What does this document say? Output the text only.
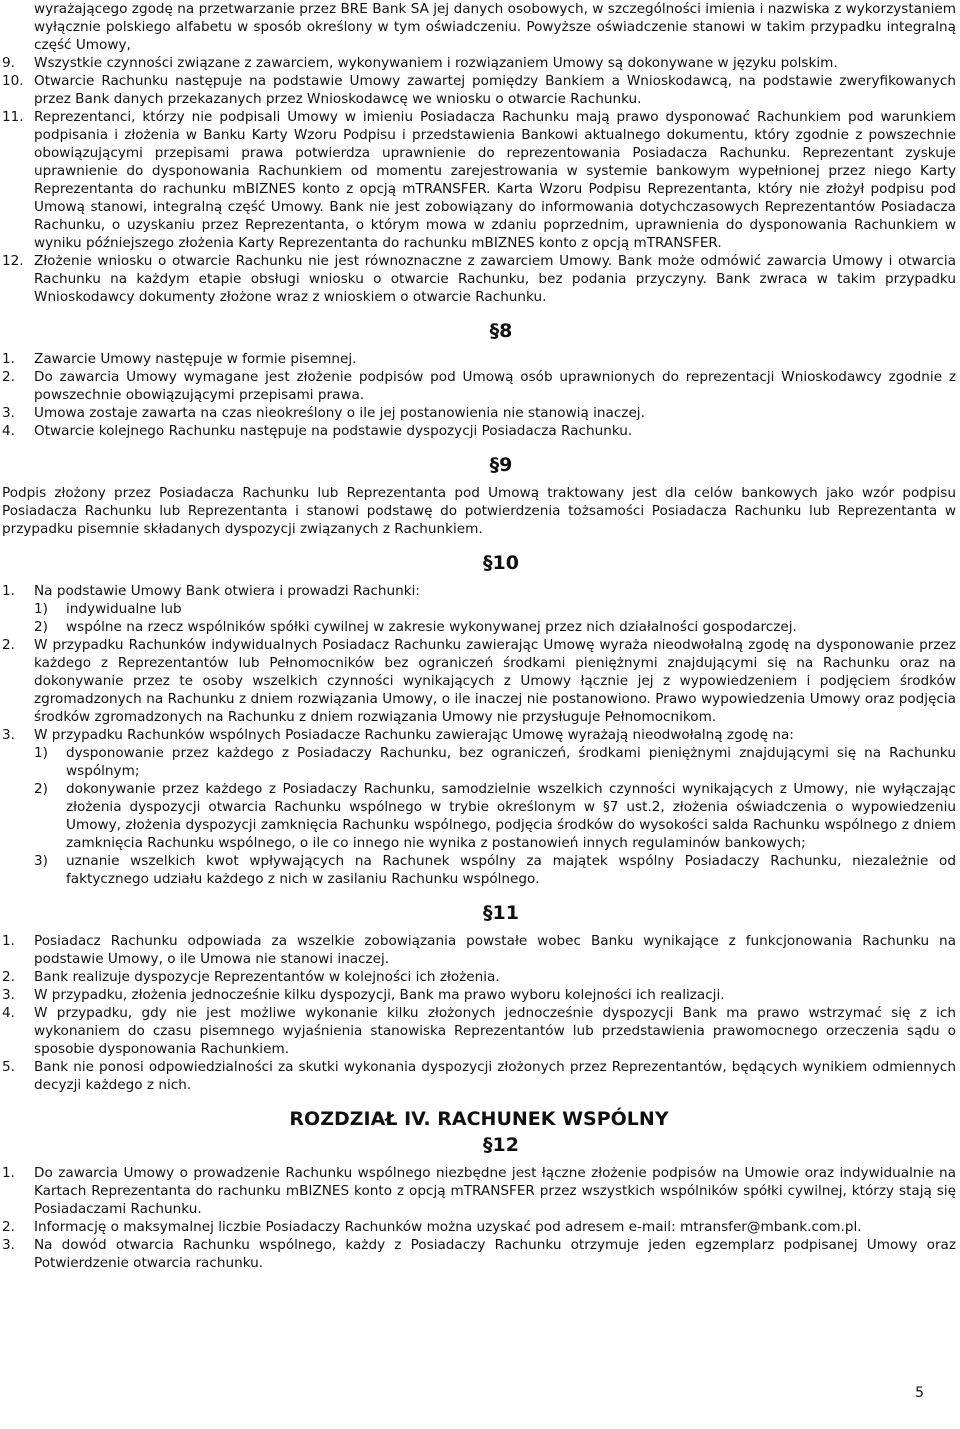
wyrażającego zgodę na przetwarzanie przez BRE Bank SA jej danych osobowych, w szczególności imienia i nazwiska z wykorzystaniem wyłącznie polskiego alfabetu w sposób określony w tym oświadczeniu. Powyższe oświadczenie stanowi w takim przypadku integralną część Umowy,
9.	Wszystkie czynności związane z zawarciem, wykonywaniem i rozwiązaniem Umowy są dokonywane w języku polskim.
10. Otwarcie Rachunku następuje na podstawie Umowy zawartej pomiędzy Bankiem a Wnioskodawcą, na podstawie zweryfikowanych przez Bank danych przekazanych przez Wnioskodawcę we wniosku o otwarcie Rachunku.
11. Reprezentanci, którzy nie podpisali Umowy w imieniu Posiadacza Rachunku mają prawo dysponować Rachunkiem pod warunkiem podpisania i złożenia w Banku Karty Wzoru Podpisu i przedstawienia Bankowi aktualnego dokumentu, który zgodnie z powszechnie obowiązującymi przepisami prawa potwierdza uprawnienie do reprezentowania Posiadacza Rachunku. Reprezentant zyskuje uprawnienie do dysponowania Rachunkiem od momentu zarejestrowania w systemie bankowym wypełnionej przez niego Karty Reprezentanta do rachunku mBIZNES konto z opcją mTRANSFER. Karta Wzoru Podpisu Reprezentanta, który nie złożył podpisu pod Umową stanowi, integralną część Umowy. Bank nie jest zobowiązany do informowania dotychczasowych Reprezentantów Posiadacza Rachunku, o uzyskaniu przez Reprezentanta, o którym mowa w zdaniu poprzednim, uprawnienia do dysponowania Rachunkiem w wyniku późniejszego złożenia Karty Reprezentanta do rachunku mBIZNES konto z opcją mTRANSFER.
12. Złożenie wniosku o otwarcie Rachunku nie jest równoznaczne z zawarciem Umowy. Bank może odmówić zawarcia Umowy i otwarcia Rachunku na każdym etapie obsługi wniosku o otwarcie Rachunku, bez podania przyczyny. Bank zwraca w takim przypadku Wnioskodawcy dokumenty złożone wraz z wnioskiem o otwarcie Rachunku.
§8
1.	Zawarcie Umowy następuje w formie pisemnej.
2.	Do zawarcia Umowy wymagane jest złożenie podpisów pod Umową osób uprawnionych do reprezentacji Wnioskodawcy zgodnie z powszechnie obowiązującymi przepisami prawa.
3.	Umowa zostaje zawarta na czas nieokreślony o ile jej postanowienia nie stanowią inaczej.
4.	Otwarcie kolejnego Rachunku następuje na podstawie dyspozycji Posiadacza Rachunku.
§9

Podpis złożony przez Posiadacza Rachunku lub Reprezentanta pod Umową traktowany jest dla celów bankowych jako wzór podpisu Posiadacza Rachunku lub Reprezentanta i stanowi podstawę do potwierdzenia tożsamości Posiadacza Rachunku lub Reprezentanta w przypadku pisemnie składanych dyspozycji związanych z Rachunkiem.

§10
1.	Na podstawie Umowy Bank otwiera i prowadzi Rachunki:
1)	indywidualne lub
2)	wspólne na rzecz wspólników spółki cywilnej w zakresie wykonywanej przez nich działalności gospodarczej.
2.	W przypadku Rachunków indywidualnych Posiadacz Rachunku zawierając Umowę wyraża nieodwołalną zgodę na dysponowanie przez każdego z Reprezentantów lub Pełnomocników bez ograniczeń środkami pieniężnymi znajdującymi się na Rachunku oraz na dokonywanie przez te osoby wszelkich czynności wynikających z Umowy łącznie jej z wypowiedzeniem i podjęciem środków zgromadzonych na Rachunku z dniem rozwiązania Umowy, o ile inaczej nie postanowiono. Prawo wypowiedzenia Umowy oraz podjęcia środków zgromadzonych na Rachunku z dniem rozwiązania Umowy nie przysługuje Pełnomocnikom.
3.	W przypadku Rachunków wspólnych Posiadacze Rachunku zawierając Umowę wyrażają nieodwołalną zgodę na:
1)	dysponowanie przez każdego z Posiadaczy Rachunku, bez ograniczeń, środkami pieniężnymi znajdującymi się na Rachunku wspólnym;
2)	dokonywanie przez każdego z Posiadaczy Rachunku, samodzielnie wszelkich czynności wynikających z Umowy, nie wyłączając złożenia dyspozycji otwarcia Rachunku wspólnego w trybie określonym w §7 ust.2, złożenia oświadczenia o wypowiedzeniu Umowy, złożenia dyspozycji zamknięcia Rachunku wspólnego, podjęcia środków do wysokości salda Rachunku wspólnego z dniem zamknięcia Rachunku wspólnego, o ile co innego nie wynika z postanowień innych regulaminów bankowych;
3)	uznanie wszelkich kwot wpływających na Rachunek wspólny za majątek wspólny Posiadaczy Rachunku, niezależnie od faktycznego udziału każdego z nich w zasilaniu Rachunku wspólnego.
§11
1.	Posiadacz Rachunku odpowiada za wszelkie zobowiązania powstałe wobec Banku wynikające z funkcjonowania Rachunku na podstawie Umowy, o ile Umowa nie stanowi inaczej.
2.	Bank realizuje dyspozycje Reprezentantów w kolejności ich złożenia.
3.	W przypadku, złożenia jednocześnie kilku dyspozycji, Bank ma prawo wyboru kolejności ich realizacji.
4.	W przypadku, gdy nie jest możliwe wykonanie kilku złożonych jednocześnie dyspozycji Bank ma prawo wstrzymać się z ich wykonaniem do czasu pisemnego wyjaśnienia stanowiska Reprezentantów lub przedstawienia prawomocnego orzeczenia sądu o sposobie dysponowania Rachunkiem.
5.	Bank nie ponosi odpowiedzialności za skutki wykonania dyspozycji złożonych przez Reprezentantów, będących wynikiem odmiennych decyzji każdego z nich.
ROZDZIAŁ IV. RACHUNEK WSPÓLNY
§12
1.	Do zawarcia Umowy o prowadzenie Rachunku wspólnego niezbędne jest łączne złożenie podpisów na Umowie oraz indywidualnie na Kartach Reprezentanta do rachunku mBIZNES konto z opcją mTRANSFER przez wszystkich wspólników spółki cywilnej, którzy stają się Posiadaczami Rachunku.
2.	Informację o maksymalnej liczbie Posiadaczy Rachunków można uzyskać pod adresem e-mail: mtransfer@mbank.com.pl.
3.	Na dowód otwarcia Rachunku wspólnego, każdy z Posiadaczy Rachunku otrzymuje jeden egzemplarz podpisanej Umowy oraz Potwierdzenie otwarcia rachunku.
5
